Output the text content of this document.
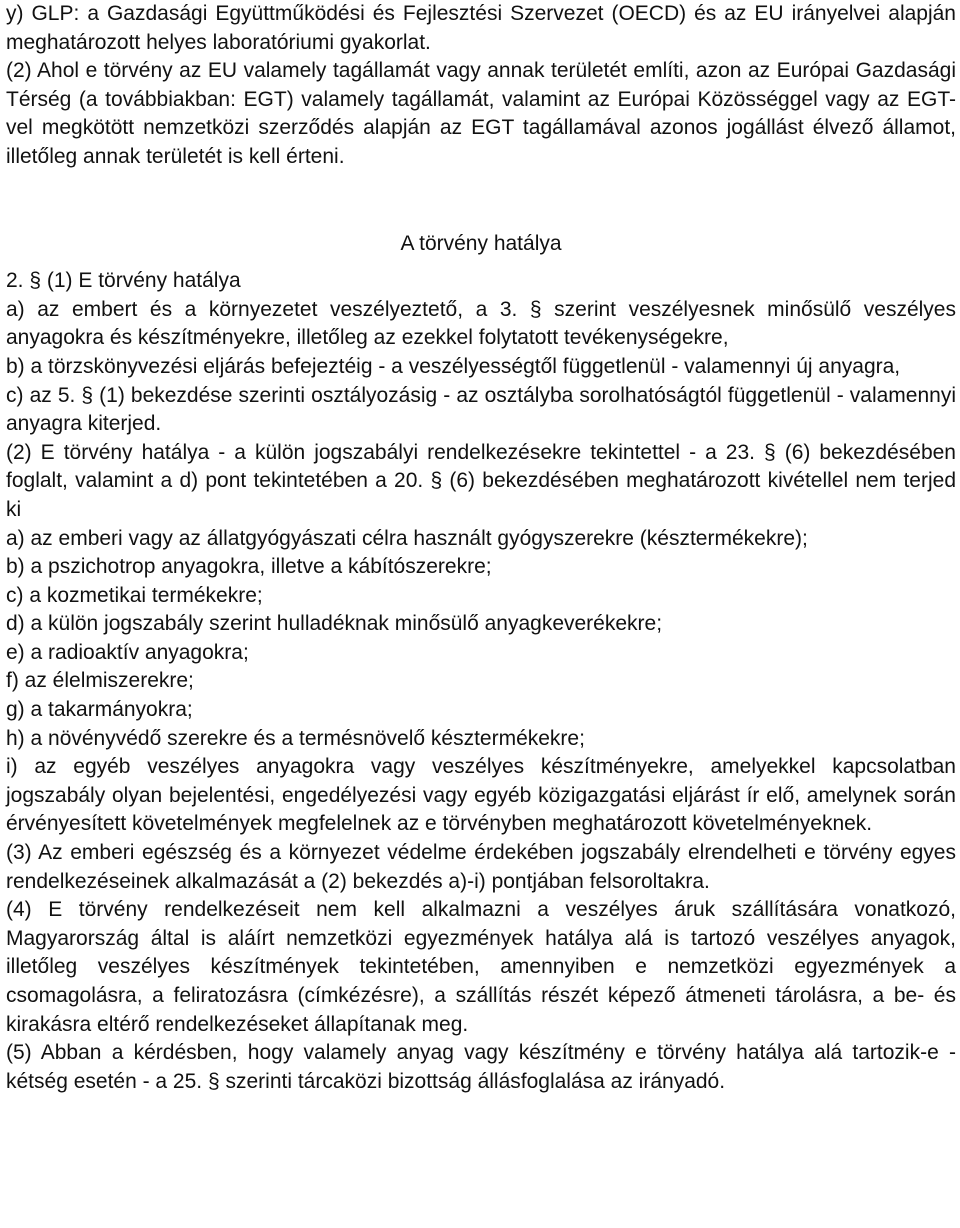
y) GLP: a Gazdasági Együttműködési és Fejlesztési Szervezet (OECD) és az EU irányelvei alapján meghatározott helyes laboratóriumi gyakorlat.

(2) Ahol e törvény az EU valamely tagállamát vagy annak területét említi, azon az Európai Gazdasági Térség (a továbbiakban: EGT) valamely tagállamát, valamint az Európai Közösséggel vagy az EGT-vel megkötött nemzetközi szerződés alapján az EGT tagállamával azonos jogállást élvező államot, illetőleg annak területét is kell érteni.

A törvény hatálya

2. § (1) E törvény hatálya

a) az embert és a környezetet veszélyeztető, a 3. § szerint veszélyesnek minősülő veszélyes anyagokra és készítményekre, illetőleg az ezekkel folytatott tevékenységekre,

b) a törzskönyvezési eljárás befejeztéig - a veszélyességtől függetlenül - valamennyi új anyagra,

c) az 5. § (1) bekezdése szerinti osztályozásig - az osztályba sorolhatóságtól függetlenül - valamennyi anyagra kiterjed.

(2) E törvény hatálya - a külön jogszabályi rendelkezésekre tekintettel - a 23. § (6) bekezdésében foglalt, valamint a d) pont tekintetében a 20. § (6) bekezdésében meghatározott kivétellel nem terjed ki

a) az emberi vagy az állatgyógyászati célra használt gyógyszerekre (késztermékekre);

b) a pszichotrop anyagokra, illetve a kábítószerekre;

c) a kozmetikai termékekre;

d) a külön jogszabály szerint hulladéknak minősülő anyagkeverékekre;

e) a radioaktív anyagokra;

f) az élelmiszerekre;

g) a takarmányokra;

h) a növényvédő szerekre és a termésnövelő késztermékekre;

i) az egyéb veszélyes anyagokra vagy veszélyes készítményekre, amelyekkel kapcsolatban jogszabály olyan bejelentési, engedélyezési vagy egyéb közigazgatási eljárást ír elő, amelynek során érvényesített követelmények megfelelnek az e törvényben meghatározott követelményeknek.

(3) Az emberi egészség és a környezet védelme érdekében jogszabály elrendelheti e törvény egyes rendelkezéseinek alkalmazását a (2) bekezdés a)-i) pontjában felsoroltakra.

(4) E törvény rendelkezéseit nem kell alkalmazni a veszélyes áruk szállítására vonatkozó, Magyarország által is aláírt nemzetközi egyezmények hatálya alá is tartozó veszélyes anyagok, illetőleg veszélyes készítmények tekintetében, amennyiben e nemzetközi egyezmények a csomagolásra, a feliratozásra (címkézésre), a szállítás részét képező átmeneti tárolásra, a be- és kirakásra eltérő rendelkezéseket állapítanak meg.

(5) Abban a kérdésben, hogy valamely anyag vagy készítmény e törvény hatálya alá tartozik-e - kétség esetén - a 25. § szerinti tárcaközi bizottság állásfoglalása az irányadó.
